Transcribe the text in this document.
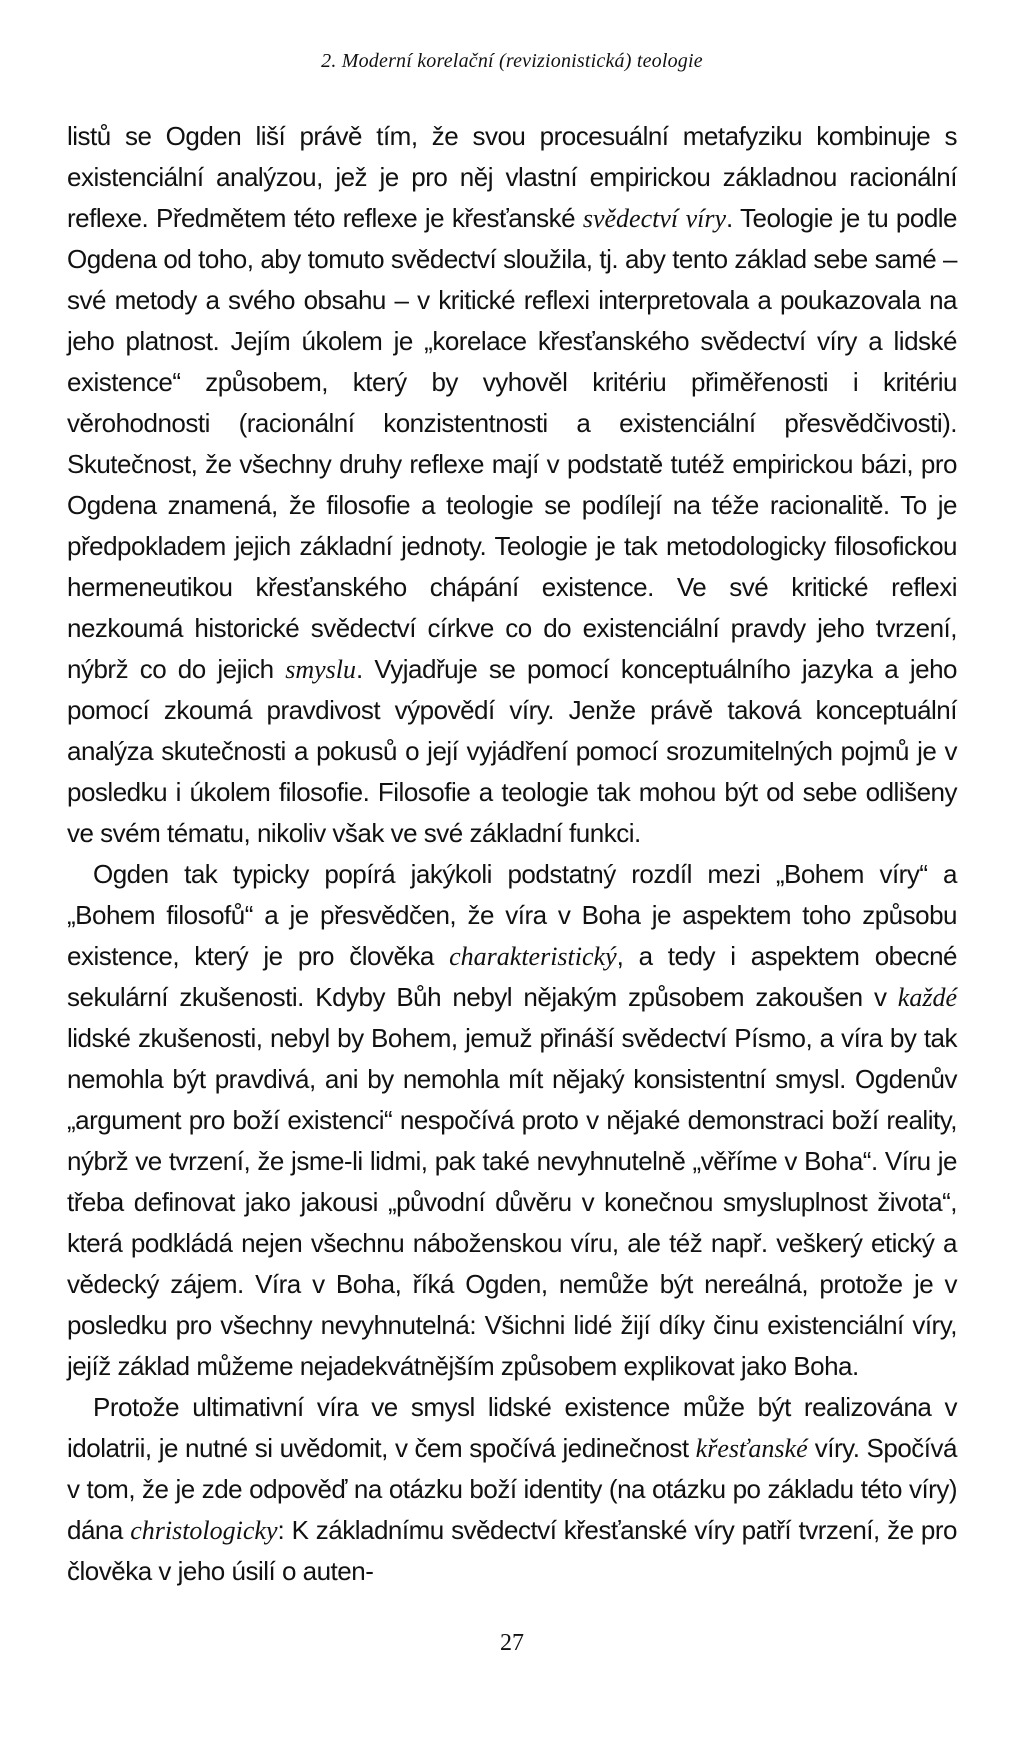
2. Moderní korelační (revizionistická) teologie

listů se Ogden liší právě tím, že svou procesuální metafyziku kombinuje s existenciální analýzou, jež je pro něj vlastní empirickou základnou racionální reflexe. Předmětem této reflexe je křesťanské svědectví víry. Teologie je tu podle Ogdena od toho, aby tomuto svědectví sloužila, tj. aby tento základ sebe samé – své metody a svého obsahu – v kritické reflexi interpretovala a poukazovala na jeho platnost. Jejím úkolem je „korelace křesťanského svědectví víry a lidské existence“ způsobem, který by vyhověl kritériu přiměřenosti i kritériu věrohodnosti (racionální konzistentnosti a existenciální přesvědčivosti). Skutečnost, že všechny druhy reflexe mají v podstatě tutéž empirickou bázi, pro Ogdena znamená, že filosofie a teologie se podílejí na téže racionalitě. To je předpokladem jejich základní jednoty. Teologie je tak metodologicky filosofickou hermeneutikou křesťanského chápání existence. Ve své kritické reflexi nezkoumá historické svědectví církve co do existenciální pravdy jeho tvrzení, nýbrž co do jejich smyslu. Vyjadřuje se pomocí konceptuálního jazyka a jeho pomocí zkoumá pravdivost výpovědí víry. Jenže právě taková konceptuální analýza skutečnosti a pokusů o její vyjádření pomocí srozumitelných pojmů je v posledku i úkolem filosofie. Filosofie a teologie tak mohou být od sebe odlišeny ve svém tématu, nikoliv však ve své základní funkci.

Ogden tak typicky popírá jakýkoli podstatný rozdíl mezi „Bohem víry“ a „Bohem filosofů“ a je přesvědčen, že víra v Boha je aspektem toho způsobu existence, který je pro člověka charakteristický, a tedy i aspektem obecné sekulární zkušenosti. Kdyby Bůh nebyl nějakým způsobem zakoušen v každé lidské zkušenosti, nebyl by Bohem, jemuž přináší svědectví Písmo, a víra by tak nemohla být pravdivá, ani by nemohla mít nějaký konsistentní smysl. Ogdenův „argument pro boží existenci“ nespočívá proto v nějaké demonstraci boží reality, nýbrž ve tvrzení, že jsme-li lidmi, pak také nevyhnutelně „věříme v Boha“. Víru je třeba definovat jako jakousi „původní důvěru v konečnou smysluplnost života“, která podkládá nejen všechnu náboženskou víru, ale též např. veškerý etický a vědecký zájem. Víra v Boha, říká Ogden, nemůže být nereálná, protože je v posledku pro všechny nevyhnutelná: Všichni lidé žijí díky činu existenciální víry, jejíž základ můžeme nejadekvátnějším způsobem explikovat jako Boha.

Protože ultimativní víra ve smysl lidské existence může být realizována v idolatrii, je nutné si uvědomit, v čem spočívá jedinečnost křesťanské víry. Spočívá v tom, že je zde odpověď na otázku boží identity (na otázku po základu této víry) dána christologicky: K základnímu svědectví křesťanské víry patří tvrzení, že pro člověka v jeho úsilí o auten-

27
